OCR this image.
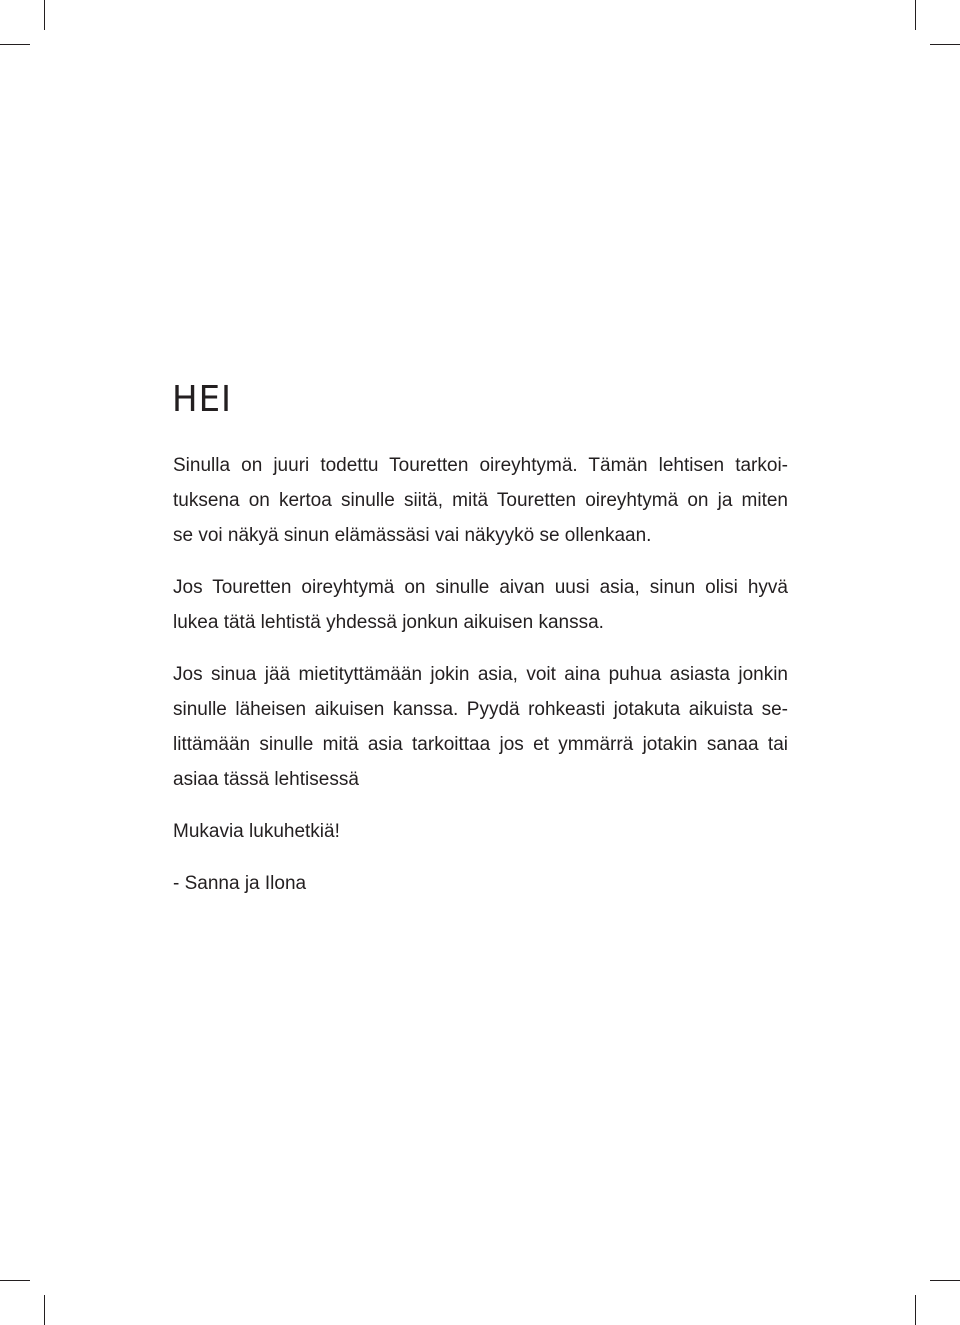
HEI

Sinulla on juuri todettu Touretten oireyhtymä. Tämän lehtisen tarkoi-
tuksena on kertoa sinulle siitä, mitä Touretten oireyhtymä on ja miten
se voi näkyä sinun elämässäsi vai näkyykö se ollenkaan.

Jos Touretten oireyhtymä on sinulle aivan uusi asia, sinun olisi hyvä
lukea tätä lehtistä yhdessä jonkun aikuisen kanssa.

Jos sinua jää mietityttämään jokin asia, voit aina puhua asiasta jonkin
sinulle läheisen aikuisen kanssa. Pyydä rohkeasti jotakuta aikuista se-
littämään sinulle mitä asia tarkoittaa jos et ymmärrä jotakin sanaa tai
asiaa tässä lehtisessä

Mukavia lukuhetkiä!
- Sanna ja Ilona
